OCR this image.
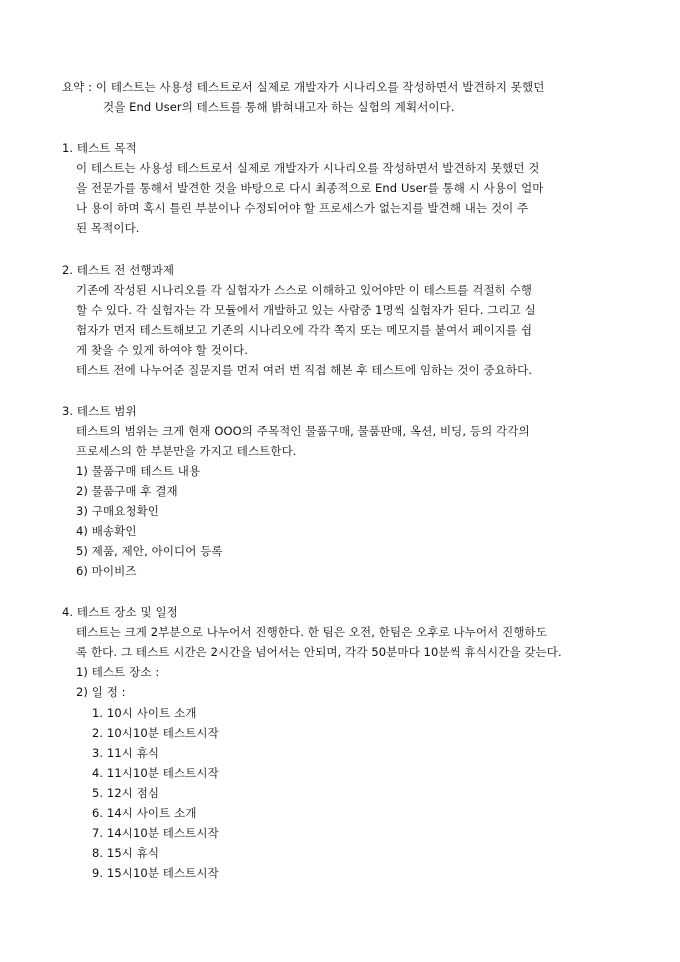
요약 : 이 테스트는 사용성 테스트로서 실제로 개발자가 시나리오를 작성하면서 발견하지 못했던
것을 End User의 테스트를 통해 밝혀내고자 하는 실험의 계획서이다.
1. 테스트 목적
이 테스트는 사용성 테스트로서 실제로 개발자가 시나리오를 작성하면서 발견하지 못했던 것
을 전문가를 통해서 발견한 것을 바탕으로 다시 최종적으로 End User를 통해 시 사용이 얼마
나 용이 하며 혹시 틀린 부분이나 수정되어야 할 프로세스가 없는지를 발견해 내는 것이 주
된 목적이다.
2. 테스트 전 선행과제
기존에 작성된 시나리오를 각 실험자가 스스로 이해하고 있어야만 이 테스트를 걱절히 수행
할 수 있다. 각 실험자는 각 모듈에서 개발하고 있는 사람중 1명씩 실험자가 된다. 그리고 실
험자가 먼저 테스트해보고 기존의 시나리오에 각각 쪽지 또는 메모지를 붙여서 페이지를 쉽
게 찾을 수 있게 하여야 할 것이다.
테스트 전에 나누어준 질문지를 먼저 여러 번 직접 해본 후 테스트에 임하는 것이 중요하다.
3. 테스트 범위
테스트의 범위는 크게 현재 OOO의 주목적인 물품구매, 물품판매, 옥션, 비딩, 등의 각각의
프로세스의 한 부분만을 가지고 테스트한다.
1) 물품구매 테스트 내용
2) 물품구매 후 결재
3) 구매요청확인
4) 배송확인
5) 제품, 제안, 아이디어 등록
6) 마이비즈
4. 테스트 장소 및 일정
테스트는 크게 2부분으로 나누어서 진행한다. 한 팀은 오전, 한팀은 오후로 나누어서 진행하도
록 한다. 그 테스트 시간은 2시간을 넘어서는 안되며, 각각 50분마다 10분씩 휴식시간을 갖는다.
1) 테스트 장소 :
2) 일 정 :
1. 10시 사이트 소개
2. 10시10분 테스트시작
3. 11시 휴식
4. 11시10분 테스트시작
5. 12시 점심
6. 14시 사이트 소개
7. 14시10분 테스트시작
8. 15시 휴식
9. 15시10분 테스트시작
